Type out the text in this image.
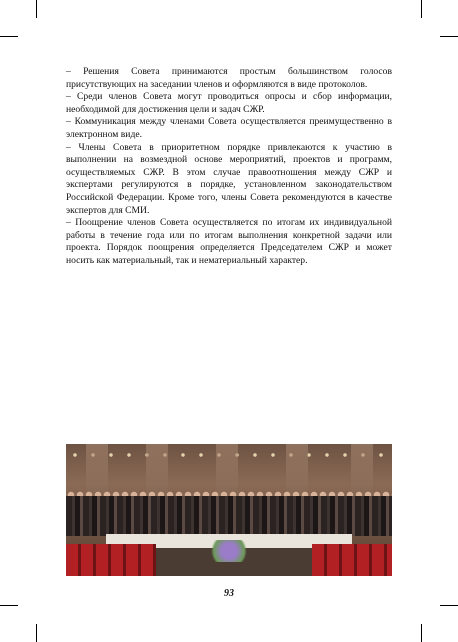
– Решения Совета принимаются простым большинством голосов присутствующих на заседании членов и оформляются в виде протоколов.

– Среди членов Совета могут проводиться опросы и сбор информации, необходимой для достижения цели и задач СЖР.

– Коммуникация между членами Совета осуществляется преимущественно в электронном виде.

– Члены Совета в приоритетном порядке привлекаются к участию в выполнении на возмездной основе мероприятий, проектов и программ, осуществляемых СЖР. В этом случае правоотношения между СЖР и экспертами регулируются в порядке, установленном законодательством Российской Федерации. Кроме того, члены Совета рекомендуются в качестве экспертов для СМИ.

– Поощрение членов Совета осуществляется по итогам их индивидуальной работы в течение года или по итогам выполнения конкретной задачи или проекта. Порядок поощрения определяется Председателем СЖР и может носить как материальный, так и нематериальный характер.

93
